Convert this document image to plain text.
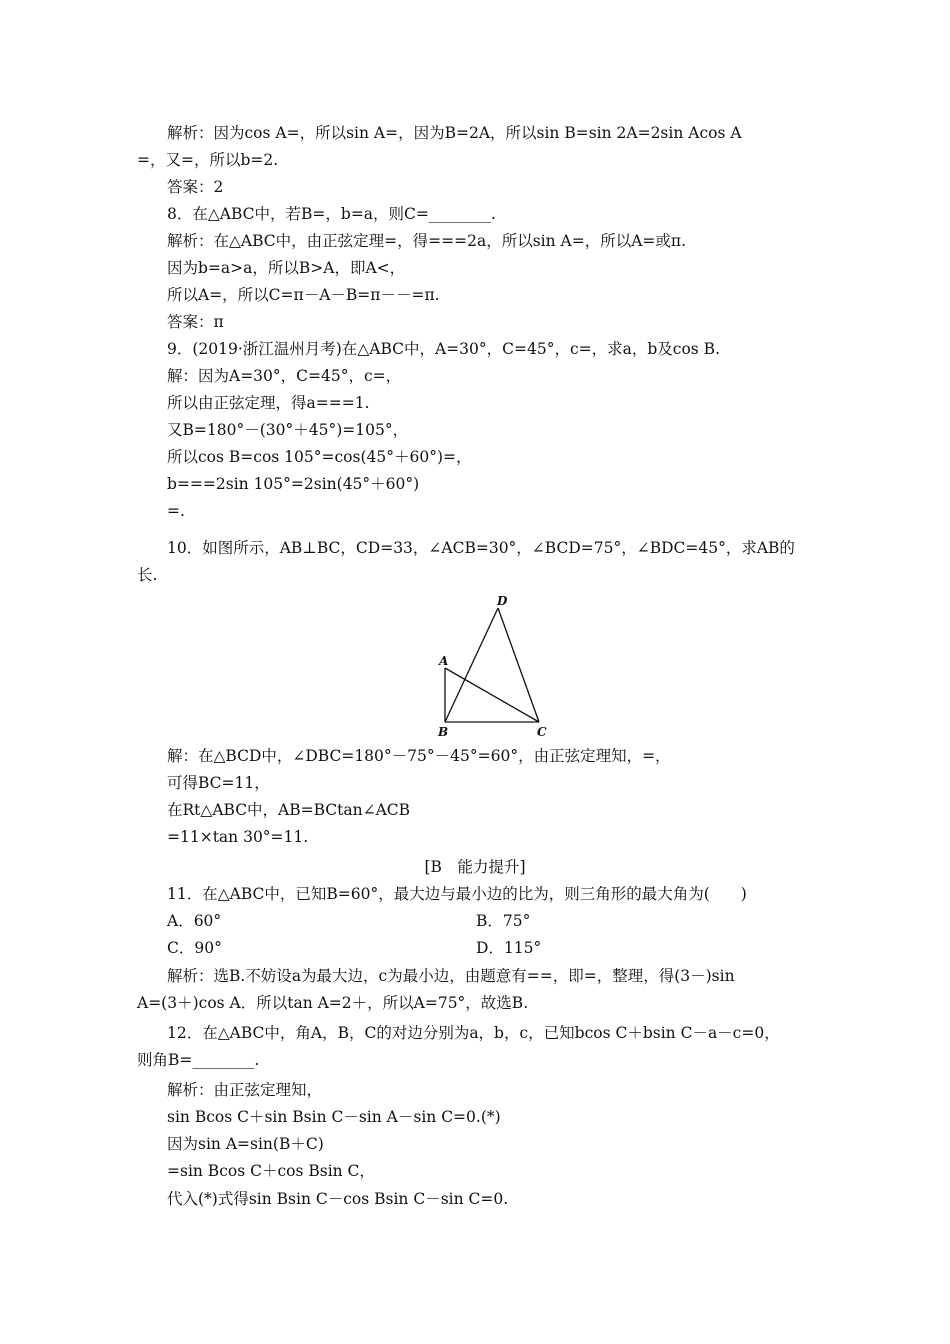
解析：因为cos A=，所以sin A=，因为B=2A，所以sin B=sin 2A=2sin Acos A
=，又=，所以b=2.
答案：2
8．在△ABC中，若B=，b=a，则C=________.
解析：在△ABC中，由正弦定理=，得===2a，所以sin A=，所以A=或π.
因为b=a>a，所以B>A，即A<，
所以A=，所以C=π－A－B=π－－=π.
答案：π
9．(2019·浙江温州月考)在△ABC中，A=30°，C=45°，c=，求a，b及cos B.
解：因为A=30°，C=45°，c=，
所以由正弦定理，得a===1.
又B=180°－(30°＋45°)=105°，
所以cos B=cos 105°=cos(45°＋60°)=，
b===2sin 105°=2sin(45°＋60°)
=.
10．如图所示，AB⊥BC，CD=33，∠ACB=30°，∠BCD=75°，∠BDC=45°，求AB的
长.
D
A
B	C
解：在△BCD中，∠DBC=180°－75°－45°=60°，由正弦定理知，=，
可得BC=11，
在Rt△ABC中，AB=BCtan∠ACB
=11×tan 30°=11.
[B　能力提升]
11．在△ABC中，已知B=60°，最大边与最小边的比为，则三角形的最大角为(　　)
A．60°	B．75°
C．90°	D．115°
解析：选B.不妨设a为最大边，c为最小边，由题意有==，即=，整理，得(3－)sin
A=(3＋)cos A．所以tan A=2＋，所以A=75°，故选B.
12．在△ABC中，角A，B，C的对边分别为a，b，c，已知bcos C＋bsin C－a－c=0，
则角B=________.
解析：由正弦定理知，
sin Bcos C＋sin Bsin C－sin A－sin C=0.(*)
因为sin A=sin(B＋C)
=sin Bcos C＋cos Bsin C，
代入(*)式得sin Bsin C－cos Bsin C－sin C=0.
